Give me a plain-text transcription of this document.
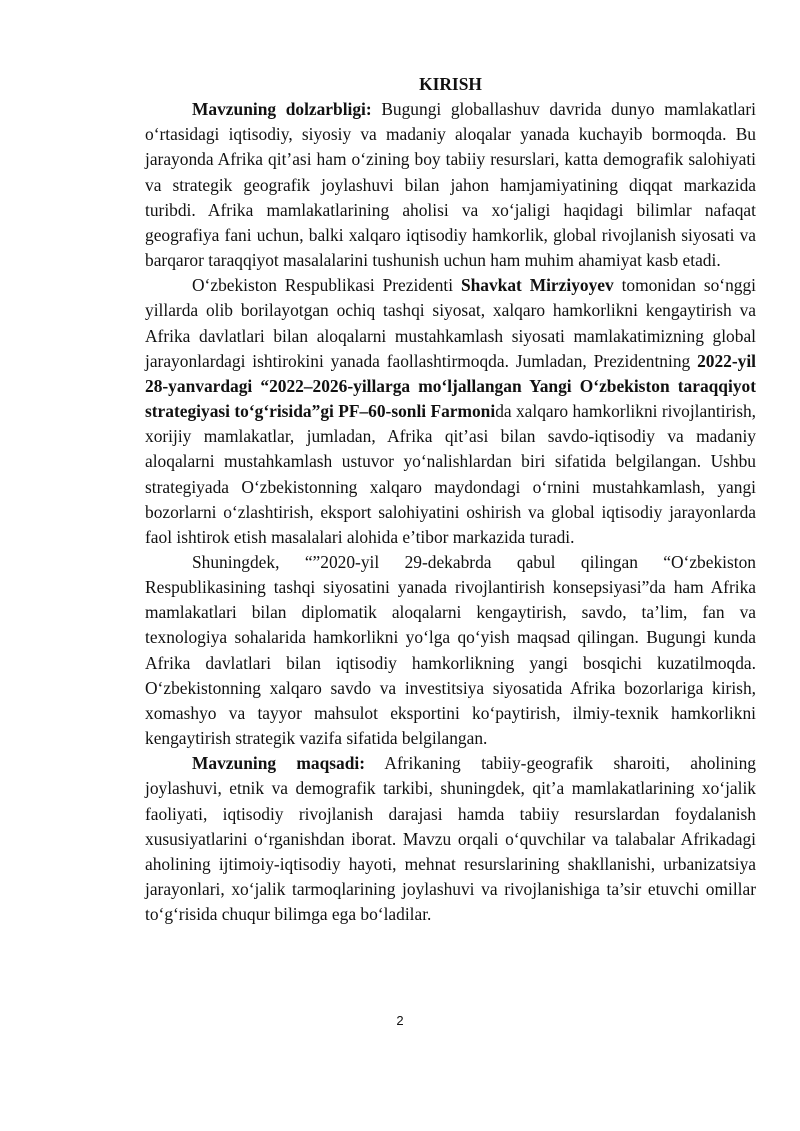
KIRISH

Mavzuning dolzarbligi: Bugungi globallashuv davrida dunyo mamlakatlari o‘rtasidagi iqtisodiy, siyosiy va madaniy aloqalar yanada kuchayib bormoqda. Bu jarayonda Afrika qit’asi ham o‘zining boy tabiiy resurslari, katta demografik salohiyati va strategik geografik joylashuvi bilan jahon hamjamiyatining diqqat markazida turibdi. Afrika mamlakatlarining aholisi va xo‘jaligi haqidagi bilimlar nafaqat geografiya fani uchun, balki xalqaro iqtisodiy hamkorlik, global rivojlanish siyosati va barqaror taraqqiyot masalalarini tushunish uchun ham muhim ahamiyat kasb etadi.

O‘zbekiston Respublikasi Prezidenti Shavkat Mirziyoyev tomonidan so‘nggi yillarda olib borilayotgan ochiq tashqi siyosat, xalqaro hamkorlikni kengaytirish va Afrika davlatlari bilan aloqalarni mustahkamlash siyosati mamlakatimizning global jarayonlardagi ishtirokini yanada faollashtirmoqda. Jumladan, Prezidentning 2022-yil 28-yanvardagi “2022–2026-yillarga mo‘ljallangan Yangi O‘zbekiston taraqqiyot strategiyasi to‘g‘risida”gi PF–60-sonli Farmonida xalqaro hamkorlikni rivojlantirish, xorijiy mamlakatlar, jumladan, Afrika qit’asi bilan savdo-iqtisodiy va madaniy aloqalarni mustahkamlash ustuvor yo‘nalishlardan biri sifatida belgilangan. Ushbu strategiyada O‘zbekistonning xalqaro maydondagi o‘rnini mustahkamlash, yangi bozorlarni o‘zlashtirish, eksport salohiyatini oshirish va global iqtisodiy jarayonlarda faol ishtirok etish masalalari alohida e’tibor markazida turadi.

Shuningdek, “”2020-yil 29-dekabrda qabul qilingan “O‘zbekiston Respublikasining tashqi siyosatini yanada rivojlantirish konsepsiyasi”da ham Afrika mamlakatlari bilan diplomatik aloqalarni kengaytirish, savdo, ta’lim, fan va texnologiya sohalarida hamkorlikni yo‘lga qo‘yish maqsad qilingan. Bugungi kunda Afrika davlatlari bilan iqtisodiy hamkorlikning yangi bosqichi kuzatilmoqda. O‘zbekistonning xalqaro savdo va investitsiya siyosatida Afrika bozorlariga kirish, xomashyo va tayyor mahsulot eksportini ko‘paytirish, ilmiy-texnik hamkorlikni kengaytirish strategik vazifa sifatida belgilangan.

Mavzuning maqsadi: Afrikaning tabiiy-geografik sharoiti, aholining joylashuvi, etnik va demografik tarkibi, shuningdek, qit’a mamlakatlarining xo‘jalik faoliyati, iqtisodiy rivojlanish darajasi hamda tabiiy resurslardan foydalanish xususiyatlarini o‘rganishdan iborat. Mavzu orqali o‘quvchilar va talabalar Afrikadagi aholining ijtimoiy-iqtisodiy hayoti, mehnat resurslarining shakllanishi, urbanizatsiya jarayonlari, xo‘jalik tarmoqlarining joylashuvi va rivojlanishiga ta’sir etuvchi omillar to‘g‘risida chuqur bilimga ega bo‘ladilar.

2
